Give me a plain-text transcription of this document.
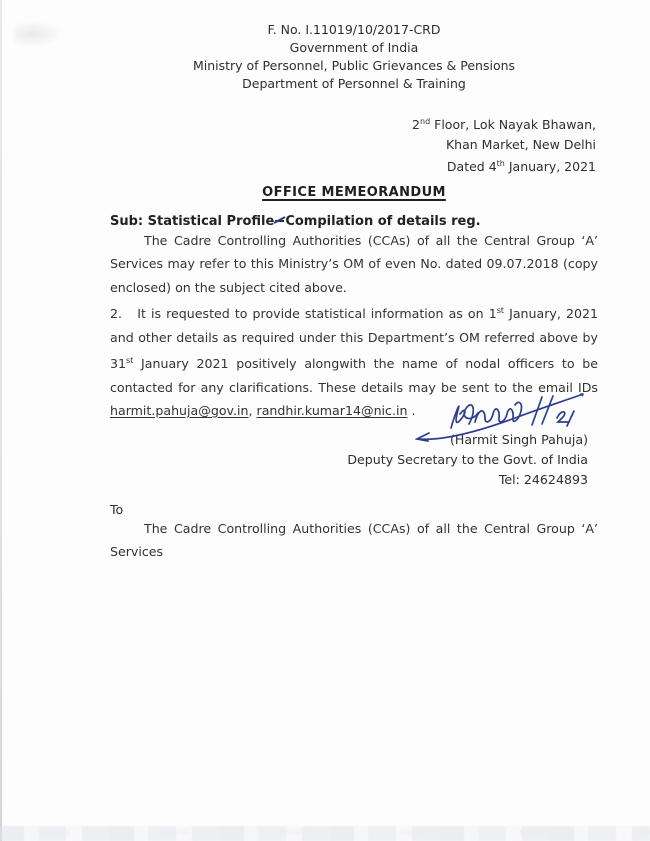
F. No. I.11019/10/2017-CRD
Government of India
Ministry of Personnel, Public Grievances & Pensions
Department of Personnel & Training
2nd Floor, Lok Nayak Bhawan,
Khan Market, New Delhi
Dated 4th January, 2021
OFFICE MEMEORANDUM
Sub: Statistical Profile Compilation of details reg.

The Cadre Controlling Authorities (CCAs) of all the Central Group ‘A’ Services may refer to this Ministry’s OM of even No. dated 09.07.2018 (copy enclosed) on the subject cited above.

2.   It is requested to provide statistical information as on 1st January, 2021 and other details as required under this Department’s OM referred above by 31st January 2021 positively alongwith the name of nodal officers to be contacted for any clarifications. These details may be sent to the email IDs harmit.pahuja@gov.in, randhir.kumar14@nic.in .

(Harmit Singh Pahuja)
Deputy Secretary to the Govt. of India
Tel: 24624893
To

The Cadre Controlling Authorities (CCAs) of all the Central Group ‘A’ Services
